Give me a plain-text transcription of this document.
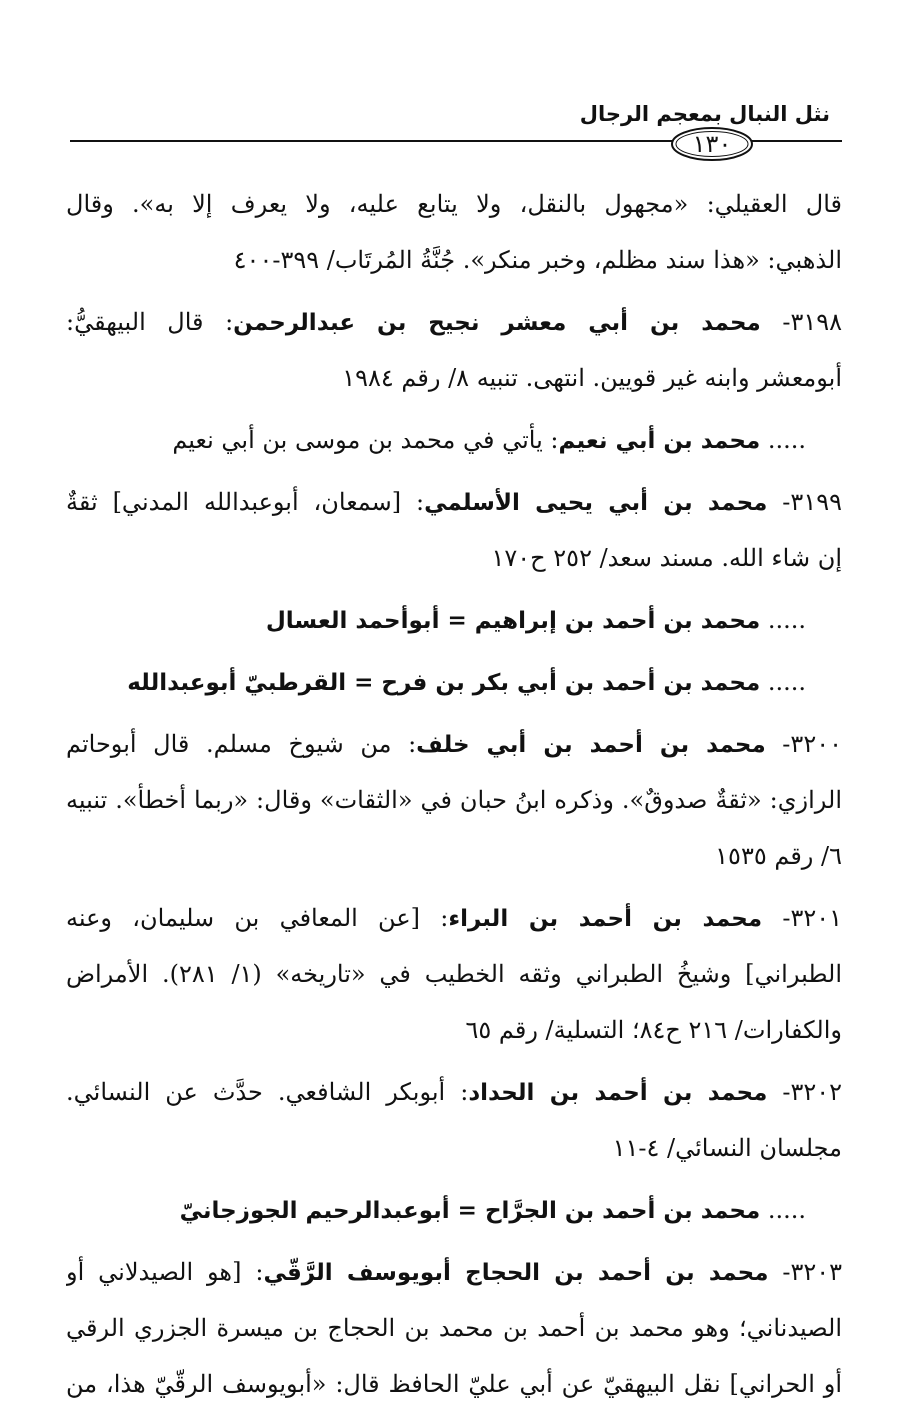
نثل النبال بمعجم الرجال
١٣٠
قال العقيلي: «مجهول بالنقل، ولا يتابع عليه، ولا يعرف إلا به». وقال
الذهبي: «هذا سند مظلم، وخبر منكر». جُنَّةُ المُرتَاب/ ٣٩٩-٤٠٠
٣١٩٨- محمد بن أبي معشر نجيح بن عبدالرحمن: قال البيهقيُّ:
أبومعشر وابنه غير قويين. انتهى. تنبيه ٨/ رقم ١٩٨٤
..... محمد بن أبي نعيم: يأتي في محمد بن موسى بن أبي نعيم
٣١٩٩- محمد بن أبي يحيى الأسلمي: [سمعان، أبوعبدالله المدني] ثقةٌ
إن شاء الله. مسند سعد/ ٢٥٢ ح١٧٠
..... محمد بن أحمد بن إبراهيم = أبوأحمد العسال
..... محمد بن أحمد بن أبي بكر بن فرح = القرطبيّ أبوعبدالله
٣٢٠٠- محمد بن أحمد بن أبي خلف: من شيوخ مسلم. قال أبوحاتم
الرازي: «ثقةٌ صدوقٌ». وذكره ابنُ حبان في «الثقات» وقال: «ربما أخطأ». تنبيه
٦/ رقم ١٥٣٥
٣٢٠١- محمد بن أحمد بن البراء: [عن المعافي بن سليمان، وعنه
الطبراني] وشيخُ الطبراني وثقه الخطيب في «تاريخه» (١/ ٢٨١). الأمراض
والكفارات/ ٢١٦ ح٨٤؛ التسلية/ رقم ٦٥
٣٢٠٢- محمد بن أحمد بن الحداد: أبوبكر الشافعي. حدَّث عن النسائي.
مجلسان النسائي/ ٤-١١
..... محمد بن أحمد بن الجرَّاح = أبوعبدالرحيم الجوزجانيّ
٣٢٠٣- محمد بن أحمد بن الحجاج أبويوسف الرَّقّي: [هو الصيدلاني أو
الصيدناني؛ وهو محمد بن أحمد بن محمد بن الحجاج بن ميسرة الجزري الرقي
أو الحراني] نقل البيهقيّ عن أبي عليّ الحافظ قال: «أبويوسف الرقّيّ هذا، من
